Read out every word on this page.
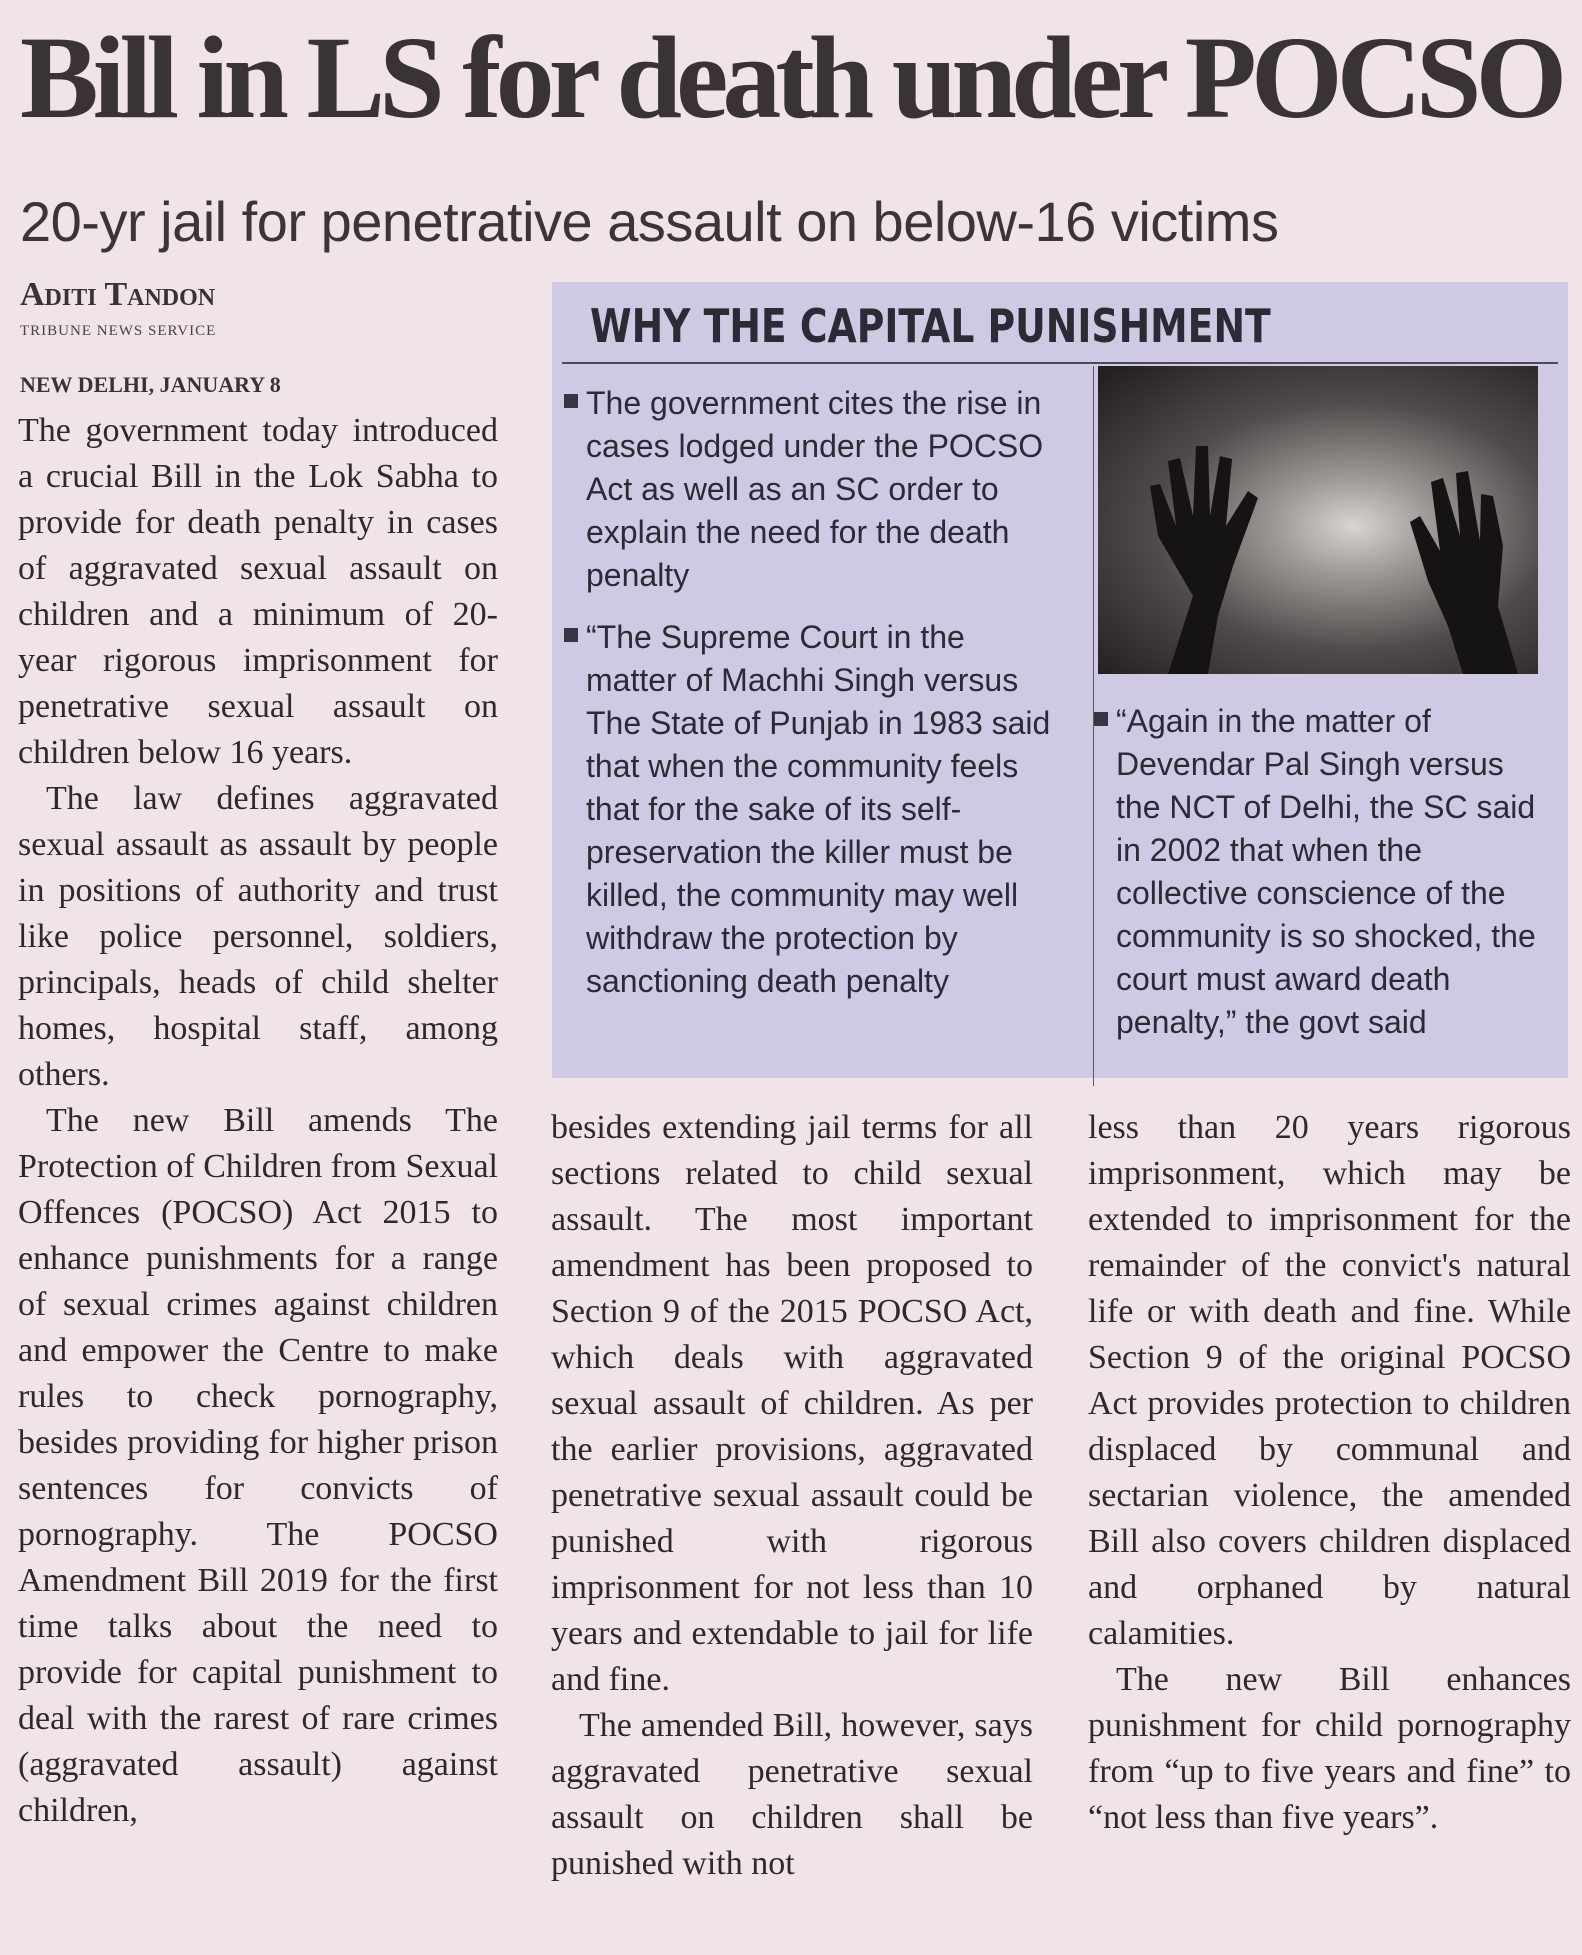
Bill in LS for death under POCSO
20-yr jail for penetrative assault on below-16 victims
Aditi Tandon
TRIBUNE NEWS SERVICE
NEW DELHI, JANUARY 8

The government today introduced a crucial Bill in the Lok Sabha to provide for death penalty in cases of aggravated sexual assault on children and a minimum of 20-year rigorous imprisonment for penetrative sexual assault on children below 16 years.

The law defines aggravated sexual assault as assault by people in positions of authority and trust like police personnel, soldiers, principals, heads of child shelter homes, hospital staff, among others.

The new Bill amends The Protection of Children from Sexual Offences (POCSO) Act 2015 to enhance punishments for a range of sexual crimes against children and empower the Centre to make rules to check pornography, besides providing for higher prison sentences for convicts of pornography. The POCSO Amendment Bill 2019 for the first time talks about the need to provide for capital punishment to deal with the rarest of rare crimes (aggravated assault) against children,

WHY THE CAPITAL PUNISHMENT
The government cites the rise in cases lodged under the POCSO Act as well as an SC order to explain the need for the death penalty
“The Supreme Court in the matter of Machhi Singh versus The State of Punjab in 1983 said that when the community feels that for the sake of its self-preservation the killer must be killed, the community may well withdraw the protection by sanctioning death penalty
“Again in the matter of Devendar Pal Singh versus the NCT of Delhi, the SC said in 2002 that when the collective conscience of the community is so shocked, the court must award death penalty,” the govt said

besides extending jail terms for all sections related to child sexual assault. The most important amendment has been proposed to Section 9 of the 2015 POCSO Act, which deals with aggravated sexual assault of children. As per the earlier provisions, aggravated penetrative sexual assault could be punished with rigorous imprisonment for not less than 10 years and extendable to jail for life and fine.

The amended Bill, however, says aggravated penetrative sexual assault on children shall be punished with not

less than 20 years rigorous imprisonment, which may be extended to imprisonment for the remainder of the convict's natural life or with death and fine. While Section 9 of the original POCSO Act provides protection to children displaced by communal and sectarian violence, the amended Bill also covers children displaced and orphaned by natural calamities.

The new Bill enhances punishment for child pornography from “up to five years and fine” to “not less than five years”.
